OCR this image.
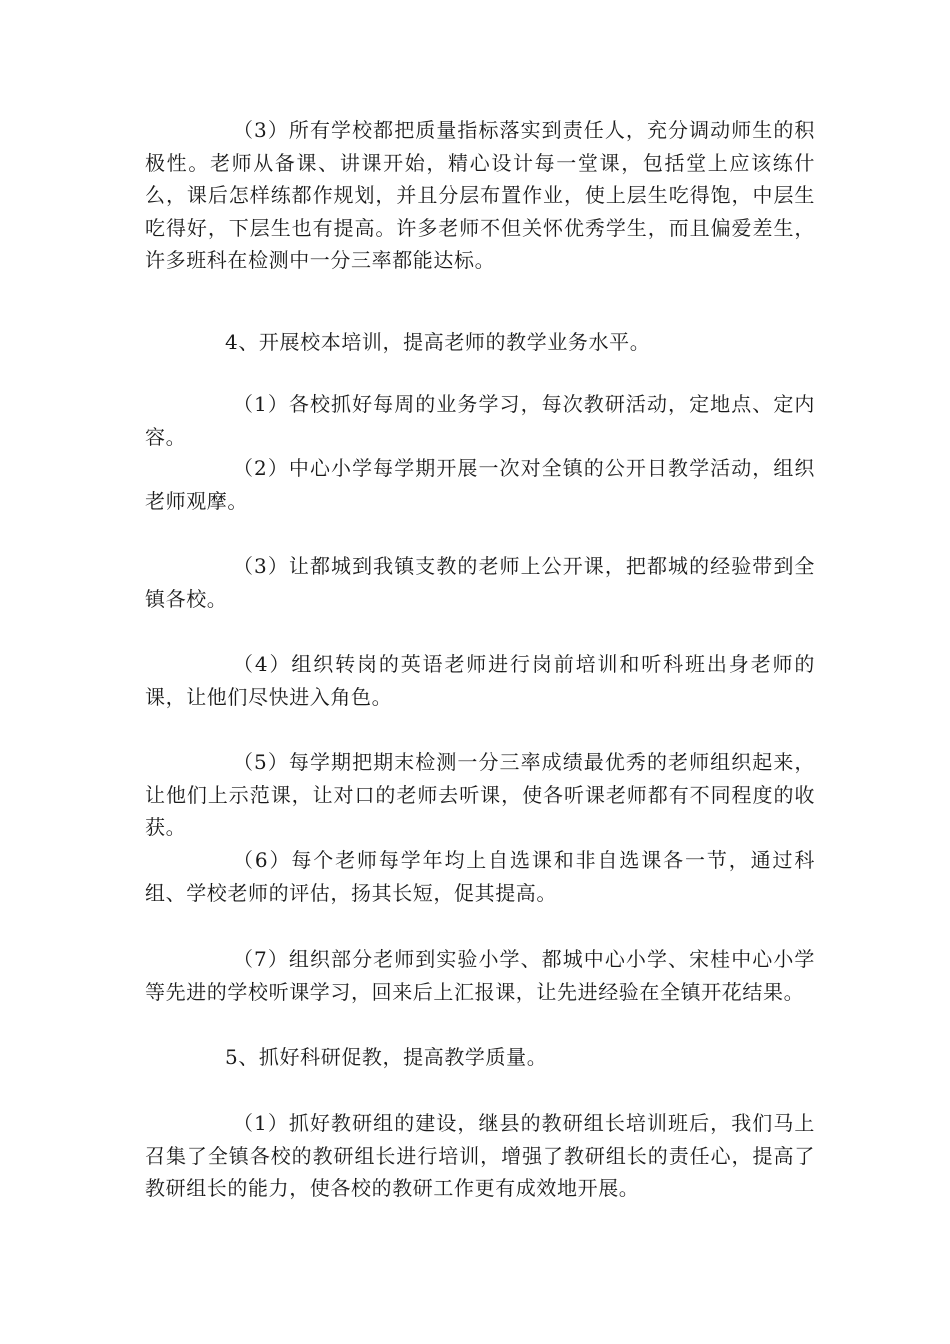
（3）所有学校都把质量指标落实到责任人，充分调动师生的积极性。老师从备课、讲课开始，精心设计每一堂课，包括堂上应该练什么，课后怎样练都作规划，并且分层布置作业，使上层生吃得饱，中层生吃得好，下层生也有提高。许多老师不但关怀优秀学生，而且偏爱差生，许多班科在检测中一分三率都能达标。

4、开展校本培训，提高老师的教学业务水平。

（1）各校抓好每周的业务学习，每次教研活动，定地点、定内容。

（2）中心小学每学期开展一次对全镇的公开日教学活动，组织老师观摩。

（3）让都城到我镇支教的老师上公开课，把都城的经验带到全镇各校。

（4）组织转岗的英语老师进行岗前培训和听科班出身老师的课，让他们尽快进入角色。

（5）每学期把期末检测一分三率成绩最优秀的老师组织起来，让他们上示范课，让对口的老师去听课，使各听课老师都有不同程度的收获。

（6）每个老师每学年均上自选课和非自选课各一节，通过科组、学校老师的评估，扬其长短，促其提高。

（7）组织部分老师到实验小学、都城中心小学、宋桂中心小学等先进的学校听课学习，回来后上汇报课，让先进经验在全镇开花结果。

5、抓好科研促教，提高教学质量。

（1）抓好教研组的建设，继县的教研组长培训班后，我们马上召集了全镇各校的教研组长进行培训，增强了教研组长的责任心，提高了教研组长的能力，使各校的教研工作更有成效地开展。
